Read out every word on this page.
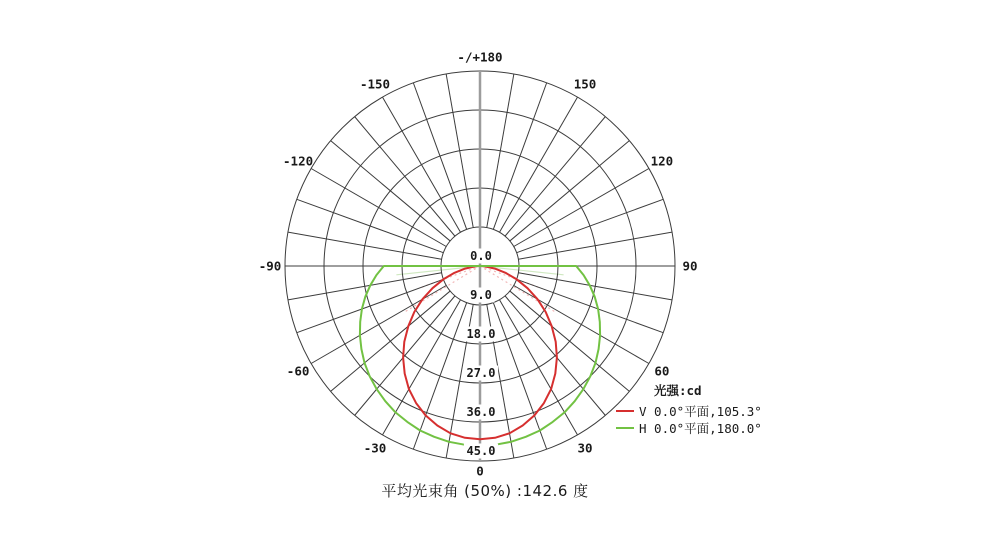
-/+180
150
120
90
60
30
0
-30
-60
-90
-120
-150
0.0
9.0
18.0
27.0
36.0
45.0
光强:cd
V 0.0°平面,105.3°
H 0.0°平面,180.0°
平均光束角 (50%) :142.6 度
